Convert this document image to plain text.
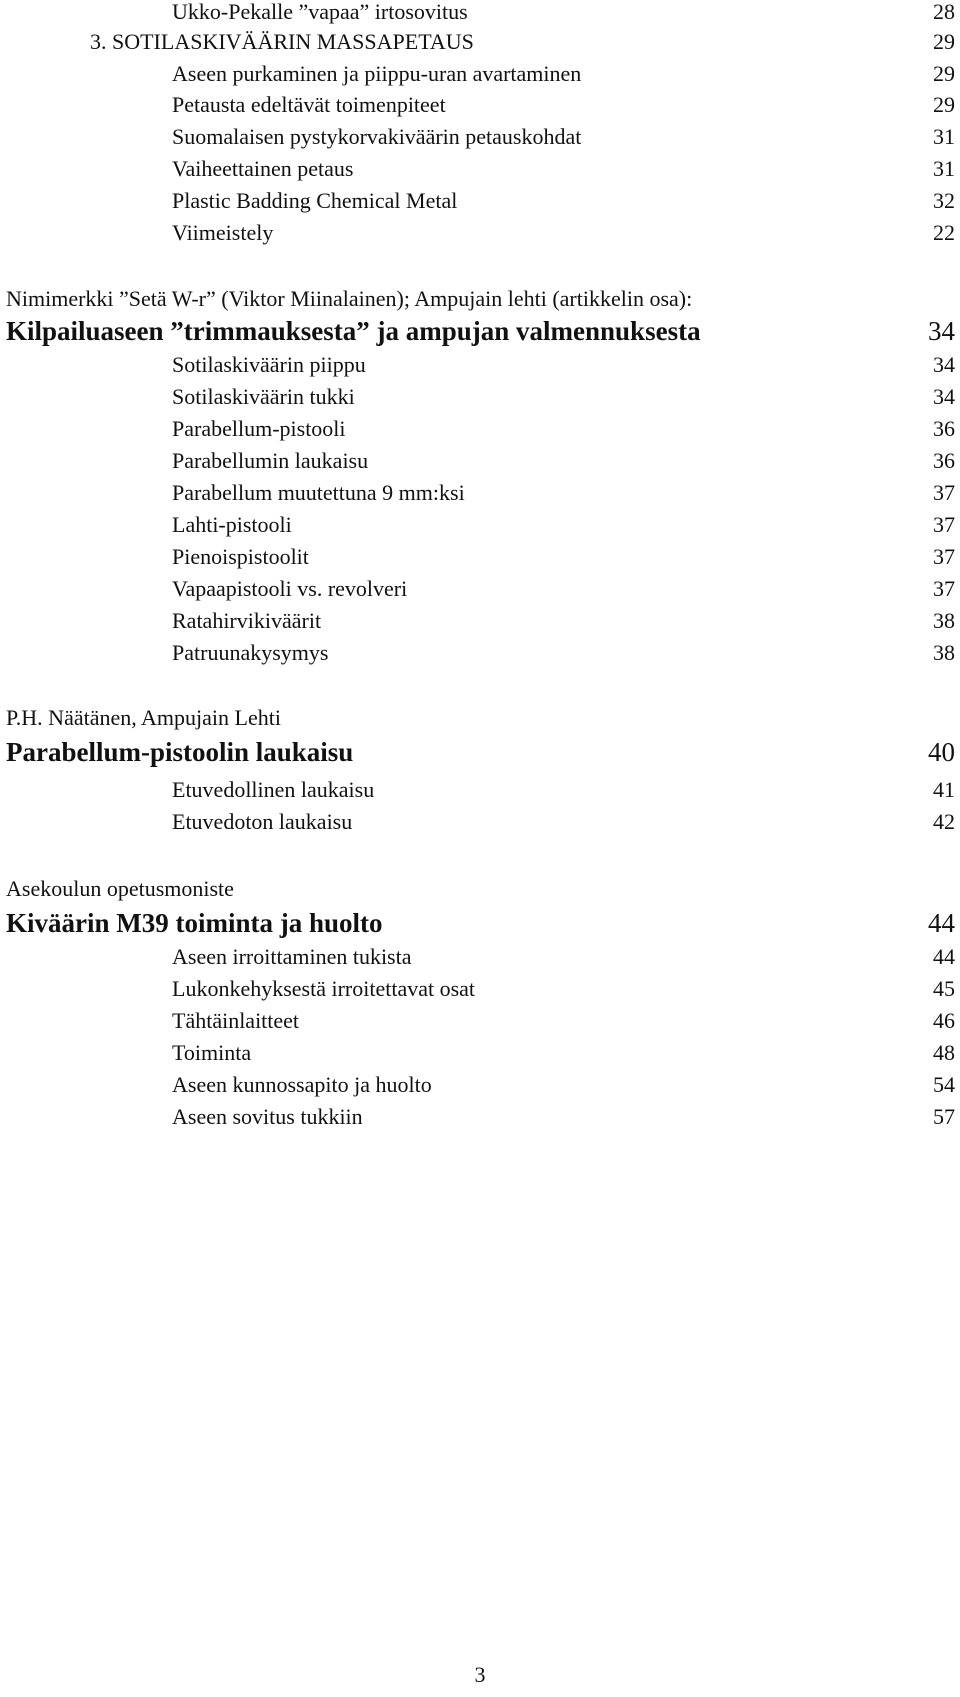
Ukko-Pekalle ”vapaa” irtosovitus	28
3. SOTILASKIVÄÄRIN MASSAPETAUS	29
Aseen purkaminen ja piippu-uran avartaminen	29
Petausta edeltävät toimenpiteet	29
Suomalaisen pystykorvakiväärin petauskohdat	31
Vaiheettainen petaus	31
Plastic Badding Chemical Metal	32
Viimeistely	22
Nimimerkki ”Setä W-r” (Viktor Miinalainen); Ampujain lehti (artikkelin osa):
Kilpailuaseen ”trimmauksesta” ja ampujan valmennuksesta	34
Sotilaskiväärin piippu	34
Sotilaskiväärin tukki	34
Parabellum-pistooli	36
Parabellumin laukaisu	36
Parabellum muutettuna 9 mm:ksi	37
Lahti-pistooli	37
Pienoispistoolit	37
Vapaapistooli vs. revolveri	37
Ratahirvikiväärit	38
Patruunakysymys	38
P.H. Näätänen, Ampujain Lehti
Parabellum-pistoolin laukaisu	40
Etuvedollinen laukaisu	41
Etuvedoton laukaisu	42
Asekoulun opetusmoniste
Kiväärin M39 toiminta ja huolto	44
Aseen irroittaminen tukista	44
Lukonkehyksestä irroitettavat osat	45
Tähtäinlaitteet	46
Toiminta	48
Aseen kunnossapito ja huolto	54
Aseen sovitus tukkiin	57
3
